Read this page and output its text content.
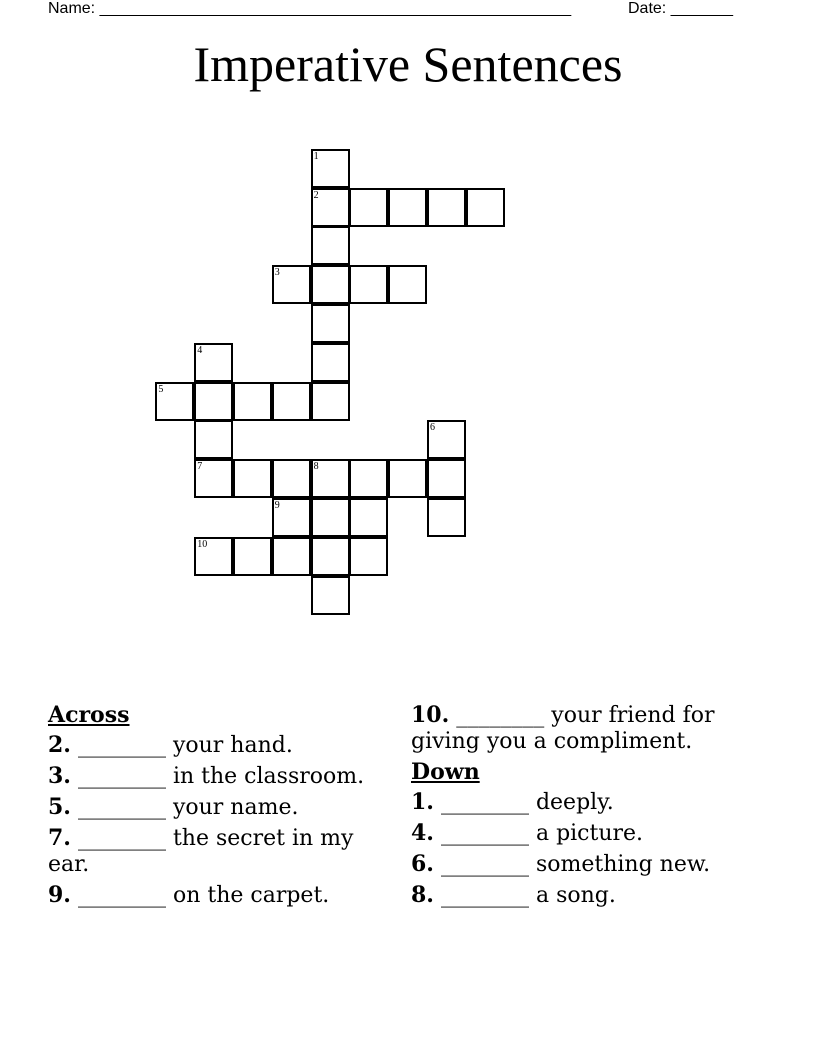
Name: _____________________________________________________	Date: _______
Imperative Sentences
1
2
3
4
5
6
7	8
9
10
Across
2. ________ your hand.
3. ________ in the classroom.
5. ________ your name.
7. ________ the secret in my ear.
9. ________ on the carpet.
10. ________ your friend for giving you a compliment.
Down
1. ________ deeply.
4. ________ a picture.
6. ________ something new.
8. ________ a song.
